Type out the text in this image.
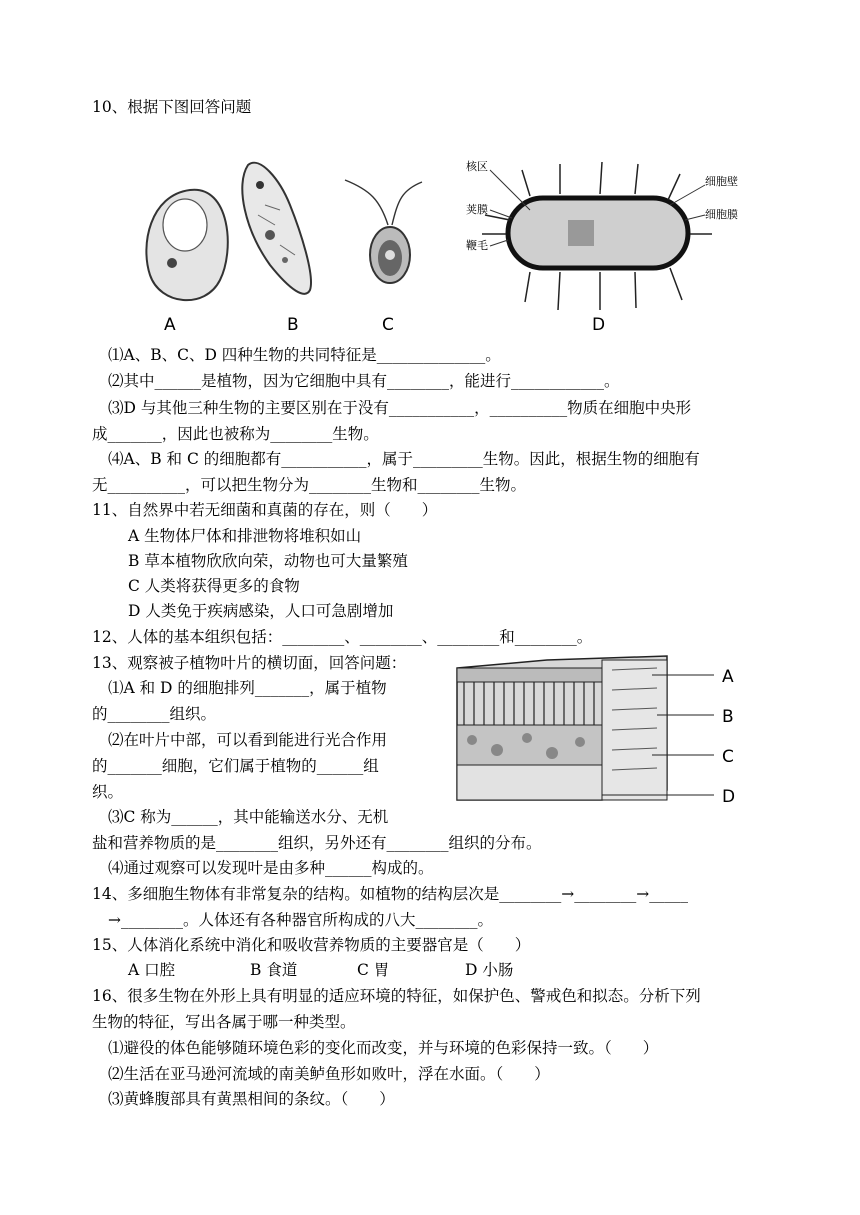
10、根据下图回答问题
核区
荚膜
鞭毛
细胞壁
细胞膜
A	B	C	D
⑴A、B、C、D 四种生物的共同特征是______________。
⑵其中______是植物，因为它细胞中具有________，能进行____________。
⑶D 与其他三种生物的主要区别在于没有___________，__________物质在细胞中央形
成_______，因此也被称为________生物。
⑷A、B 和 C 的细胞都有___________，属于_________生物。因此，根据生物的细胞有
无__________，可以把生物分为________生物和________生物。
11、自然界中若无细菌和真菌的存在，则（　　）
A 生物体尸体和排泄物将堆积如山
B 草本植物欣欣向荣，动物也可大量繁殖
C 人类将获得更多的食物
D 人类免于疾病感染，人口可急剧增加
12、人体的基本组织包括：________、________、________和________。
13、观察被子植物叶片的横切面，回答问题：
A
B
C
D
⑴A 和 D 的细胞排列_______，属于植物
的________组织。
⑵在叶片中部，可以看到能进行光合作用
的_______细胞，它们属于植物的______组
织。
⑶C 称为______，其中能输送水分、无机
盐和营养物质的是________组织，另外还有________组织的分布。
⑷通过观察可以发现叶是由多种______构成的。
14、多细胞生物体有非常复杂的结构。如植物的结构层次是________→________→_____
→________。人体还有各种器官所构成的八大________。
15、人体消化系统中消化和吸收营养物质的主要器官是（　　）
A 口腔	B 食道	C 胃	D 小肠
16、很多生物在外形上具有明显的适应环境的特征，如保护色、警戒色和拟态。分析下列
生物的特征，写出各属于哪一种类型。
⑴避役的体色能够随环境色彩的变化而改变，并与环境的色彩保持一致。（　　）
⑵生活在亚马逊河流域的南美鲈鱼形如败叶，浮在水面。（　　）
⑶黄蜂腹部具有黄黑相间的条纹。（　　）
